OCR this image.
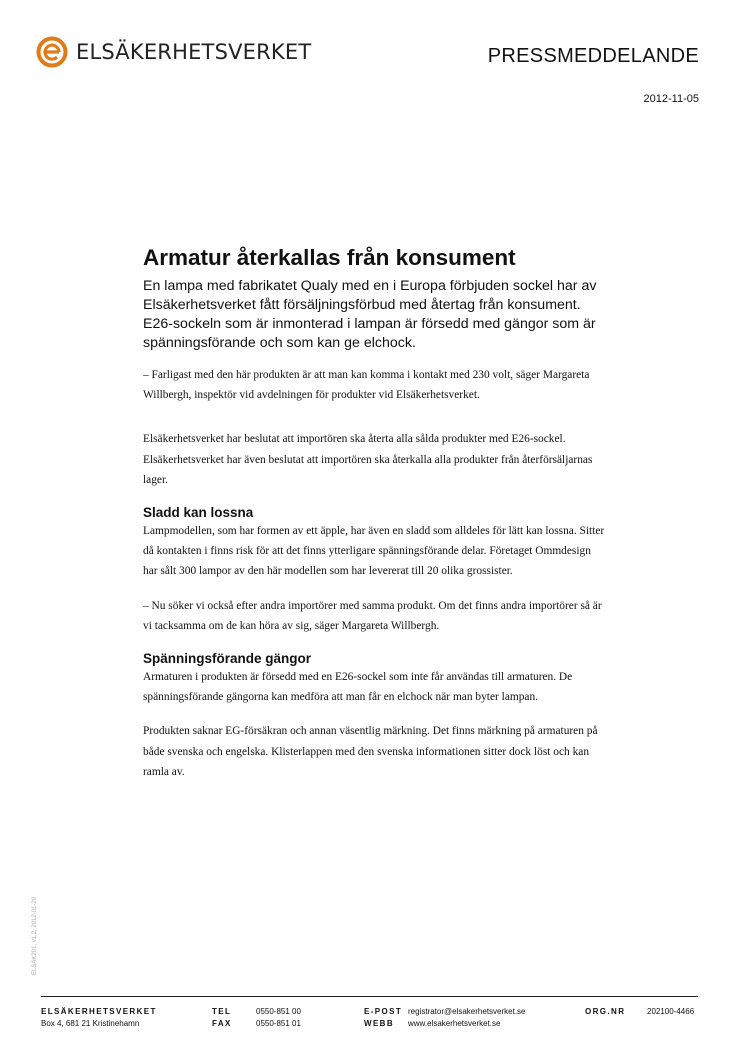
ELSÄKERHETSVERKET	PRESSMEDDELANDE
2012-11-05
Armatur återkallas från konsument

En lampa med fabrikatet Qualy med en i Europa förbjuden sockel har av Elsäkerhetsverket fått försäljningsförbud med återtag från konsument. E26-sockeln som är inmonterad i lampan är försedd med gängor som är spänningsförande och som kan ge elchock.

– Farligast med den här produkten är att man kan komma i kontakt med 230 volt, säger Margareta Willbergh, inspektör vid avdelningen för produkter vid Elsäkerhetsverket.

Elsäkerhetsverket har beslutat att importören ska återta alla sålda produkter med E26-sockel. Elsäkerhetsverket har även beslutat att importören ska återkalla alla produkter från återförsäljarnas lager.

Sladd kan lossna

Lampmodellen, som har formen av ett äpple, har även en sladd som alldeles för lätt kan lossna. Sitter då kontakten i finns risk för att det finns ytterligare spänningsförande delar. Företaget Ommdesign har sålt 300 lampor av den här modellen som har levererat till 20 olika grossister.

– Nu söker vi också efter andra importörer med samma produkt. Om det finns andra importörer så är vi tacksamma om de kan höra av sig, säger Margareta Willbergh.

Spänningsförande gängor

Armaturen i produkten är försedd med en E26-sockel som inte får användas till armaturen. De spänningsförande gängorna kan medföra att man får en elchock när man byter lampan.

Produkten saknar EG-försäkran och annan väsentlig märkning. Det finns märkning på armaturen på både svenska och engelska. Klisterlappen med den svenska informationen sitter dock löst och kan ramla av.

ELSÄK201, v1.2, 2012-01-20
ELSÄKERHETSVERKET
Box 4, 681 21 Kristinehamn
TEL	0550-851 00
FAX	0550-851 01
E-POST registrator@elsakerhetsverket.se
WEBB www.elsakerhetsverket.se
ORG.NR	202100-4466
